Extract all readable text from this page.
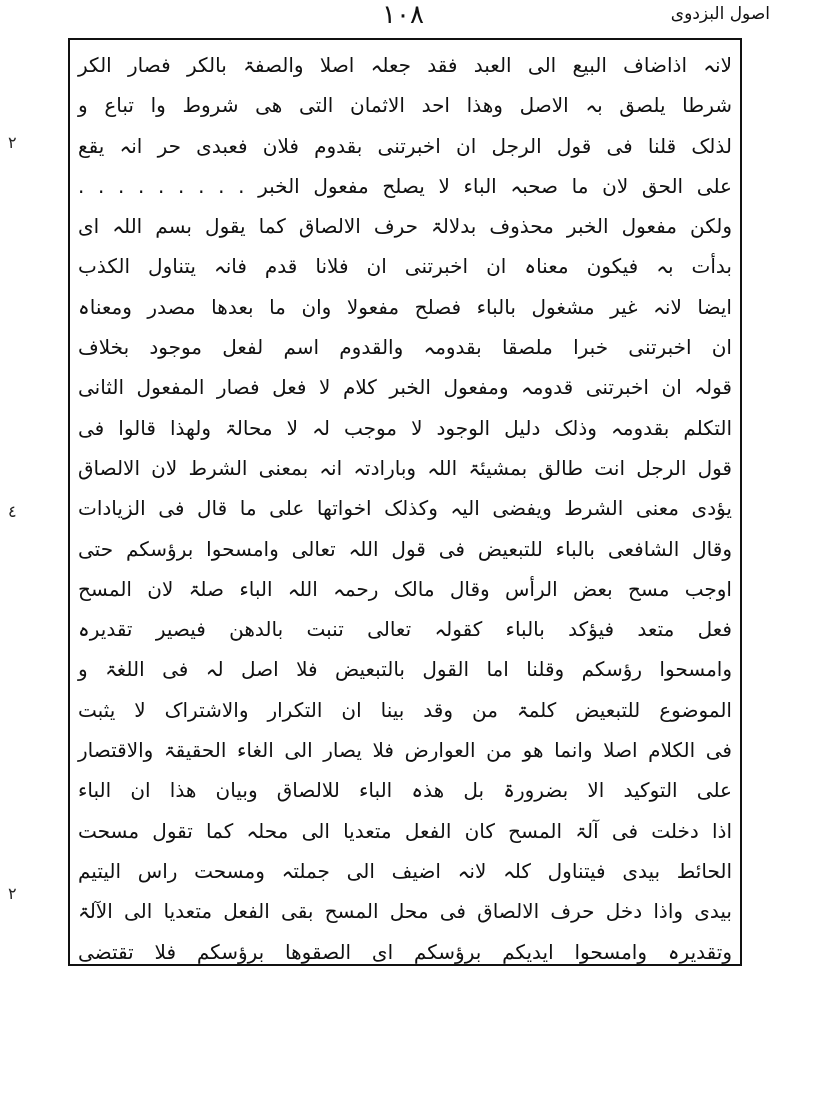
اصول البزدوی
١٠٨
لانہ اذاضاف البیع الی العبد فقد جعلہ اصلا والصفۃ بالکر فصار الکر
شرطا یلصق بہ الاصل وھذا احد الاثمان التی ھی شروط وا تباع و
لذلک قلنا فی قول الرجل ان اخبرتنی بقدوم فلان فعبدی حر انہ یقع
علی الحق لان ما صحبہ الباء لا یصلح مفعول الخبر . . . . . . . . .
ولکن مفعول الخبر محذوف بدلالۃ حرف الالصاق کما یقول بسم اللہ ای
بدأت بہ فیکون معناہ ان اخبرتنی ان فلانا قدم فانہ یتناول الکذب
ایضا لانہ غیر مشغول بالباء فصلح مفعولا وان ما بعدھا مصدر ومعناہ
ان اخبرتنی خبرا ملصقا بقدومہ والقدوم اسم لفعل موجود بخلاف
قولہ ان اخبرتنی قدومہ ومفعول الخبر کلام لا فعل فصار المفعول الثانی
التکلم بقدومہ وذلک دلیل الوجود لا موجب لہ لا محالۃ ولھذا قالوا فی
قول الرجل انت طالق بمشیئۃ اللہ وبارادتہ انہ بمعنی الشرط لان الالصاق
یؤدی معنی الشرط ویفضی الیہ وکذلک اخواتھا علی ما قال فی الزیادات
وقال الشافعی بالباء للتبعیض فی قول اللہ تعالی وامسحوا برؤسکم حتی
اوجب مسح بعض الرأس وقال مالک رحمہ اللہ الباء صلۃ لان المسح
فعل متعد فیؤکد بالباء کقولہ تعالی تنبت بالدھن فیصیر تقدیرہ
وامسحوا رؤسکم وقلنا اما القول بالتبعیض فلا اصل لہ فی اللغۃ و
الموضوع للتبعیض کلمۃ من وقد بینا ان التکرار والاشتراک لا یثبت
فی الکلام اصلا وانما ھو من العوارض فلا یصار الی الغاء الحقیقۃ والاقتصار
علی التوکید الا بضرورۃ بل ھذہ الباء للالصاق وبیان ھذا ان الباء
اذا دخلت فی آلۃ المسح کان الفعل متعدیا الی محلہ کما تقول مسحت
الحائط بیدی فیتناول کلہ لانہ اضیف الی جملتہ ومسحت راس الیتیم
بیدی واذا دخل حرف الالصاق فی محل المسح بقی الفعل متعدیا الی الآلۃ
وتقدیرہ وامسحوا ایدیکم برؤسکم ای الصقوھا برؤسکم فلا تقتضی
٢
٤
٢
